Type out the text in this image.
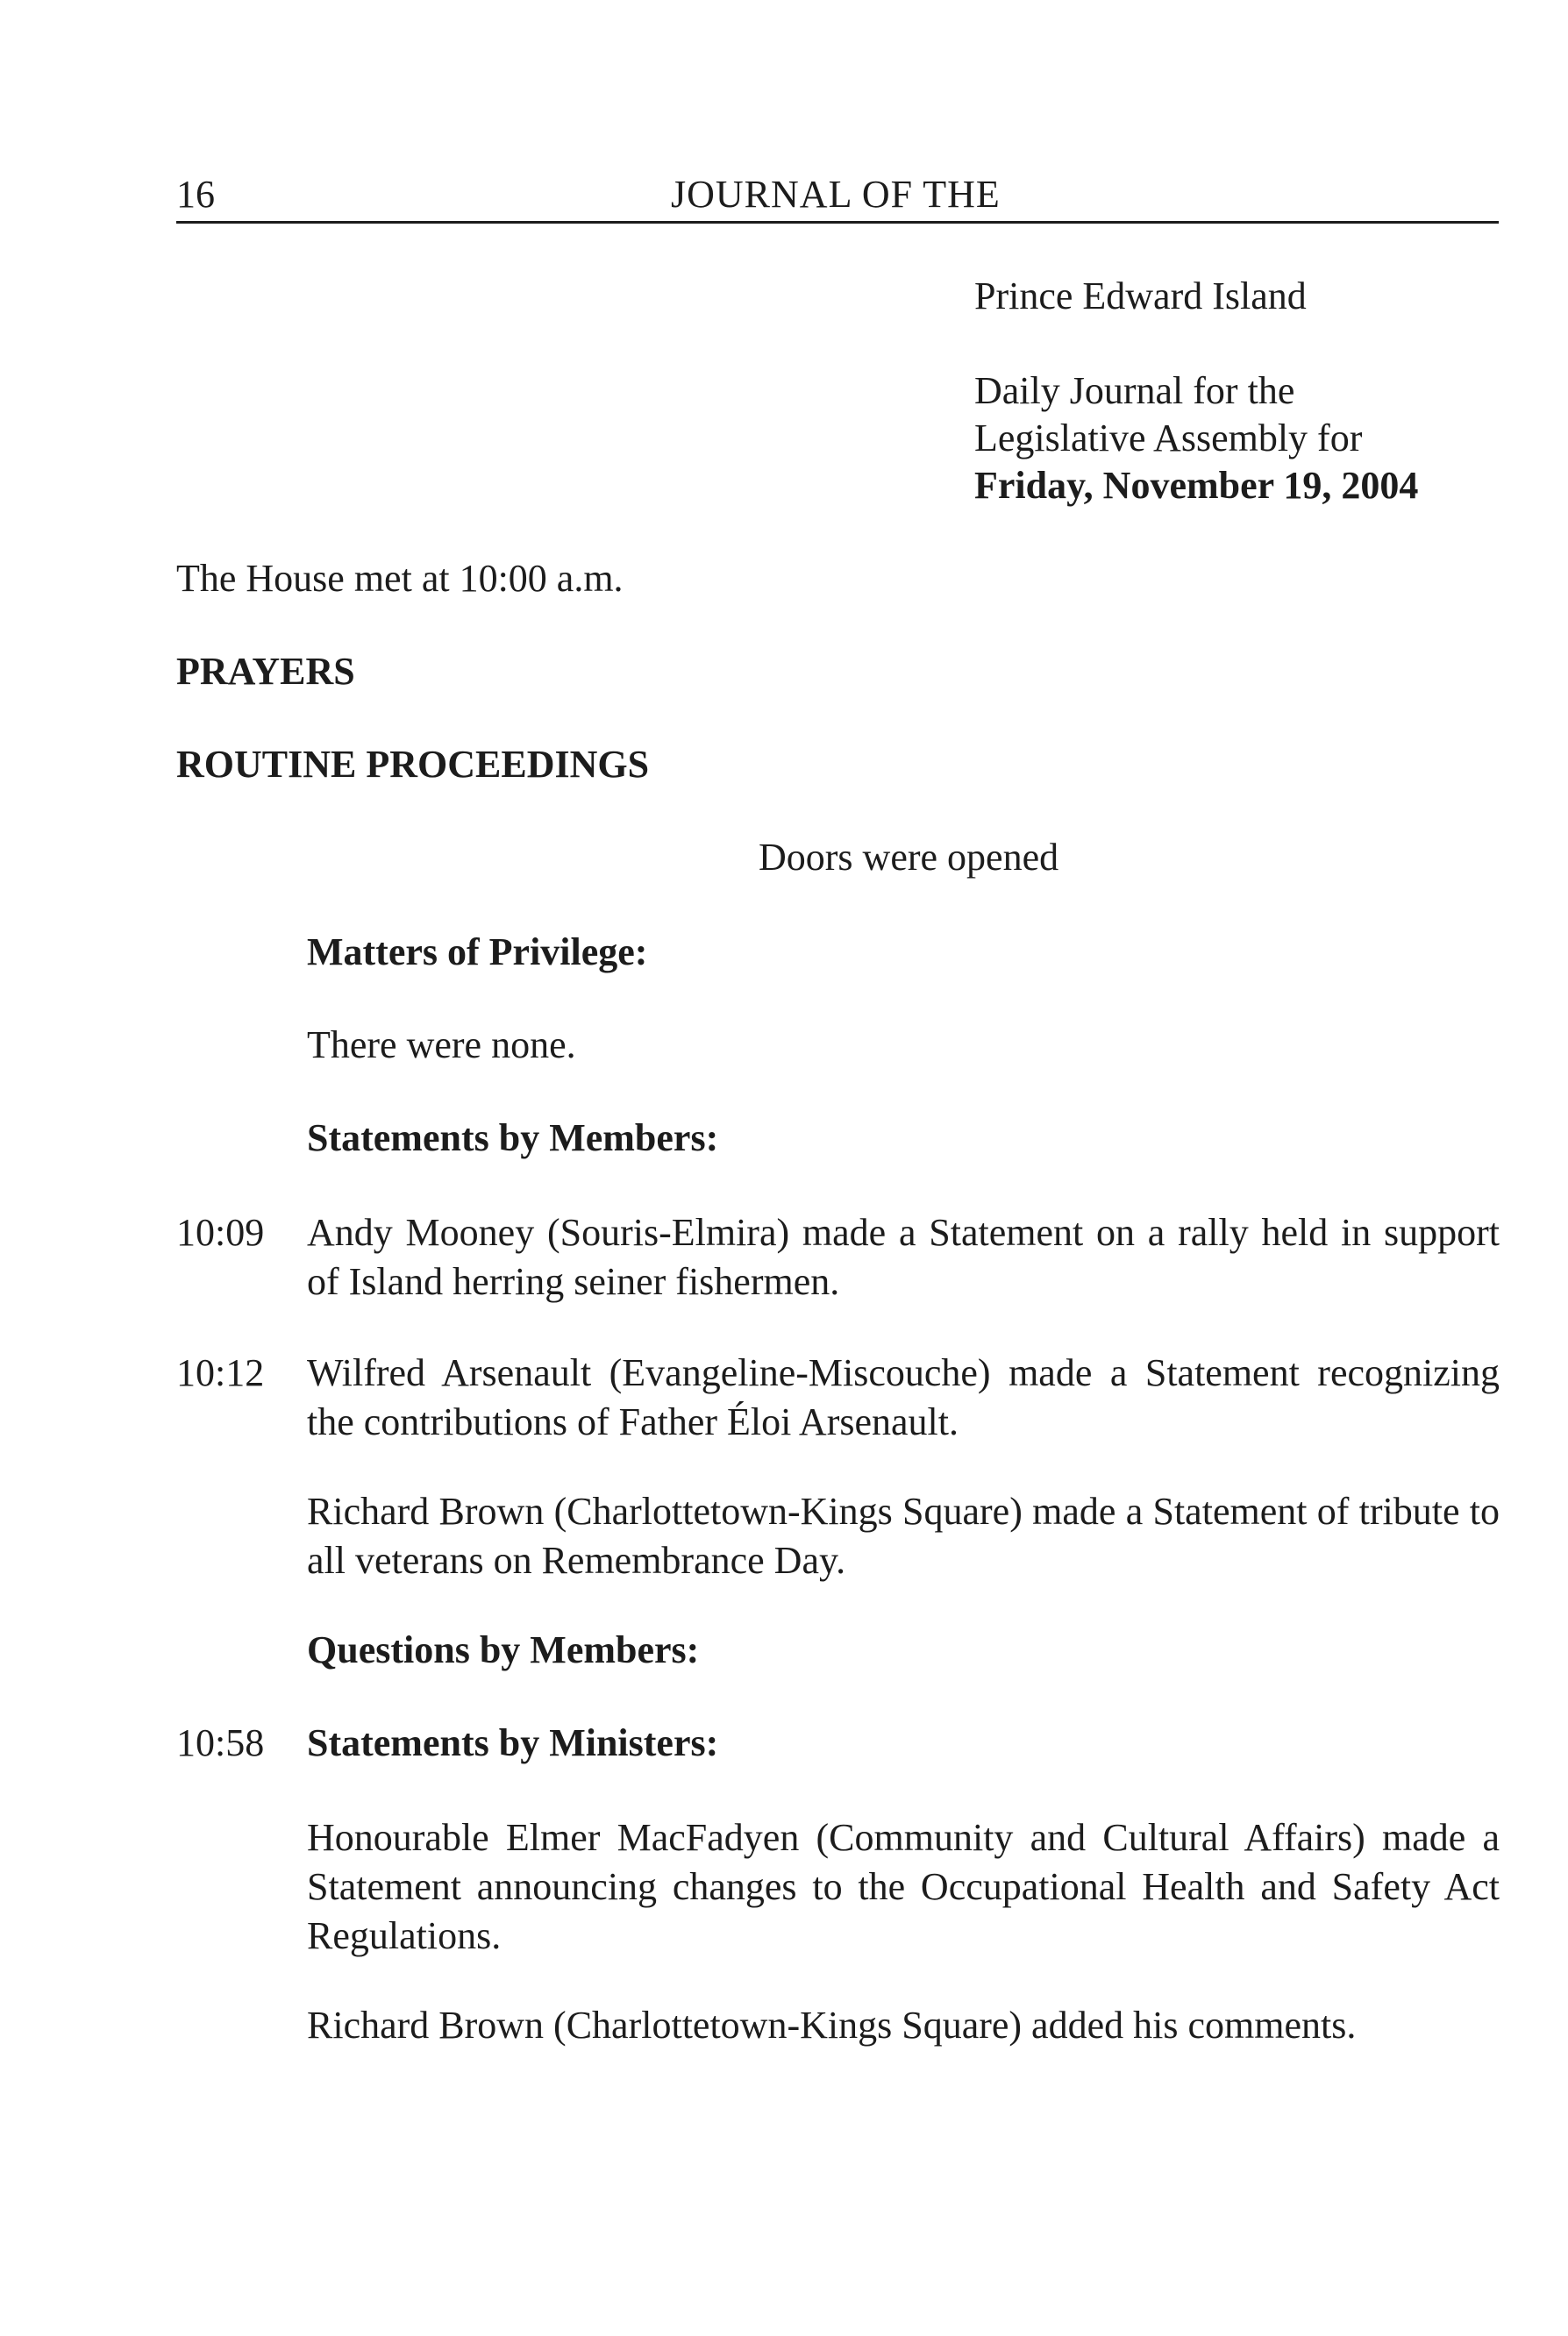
16	JOURNAL OF THE
Prince Edward Island
Daily Journal for the
Legislative Assembly for
Friday, November 19, 2004
The House met at 10:00 a.m.
PRAYERS
ROUTINE PROCEEDINGS
Doors were opened
Matters of Privilege:
There were none.
Statements by Members:
10:09 Andy Mooney (Souris-Elmira) made a Statement on a rally held in support of Island herring seiner fishermen.
10:12 Wilfred Arsenault (Evangeline-Miscouche) made a Statement recognizing the contributions of Father Éloi Arsenault.
Richard Brown (Charlottetown-Kings Square) made a Statement of tribute to all veterans on Remembrance Day.
Questions by Members:
10:58 Statements by Ministers:
Honourable Elmer MacFadyen (Community and Cultural Affairs) made a Statement announcing changes to the Occupational Health and Safety Act Regulations.
Richard Brown (Charlottetown-Kings Square) added his comments.
